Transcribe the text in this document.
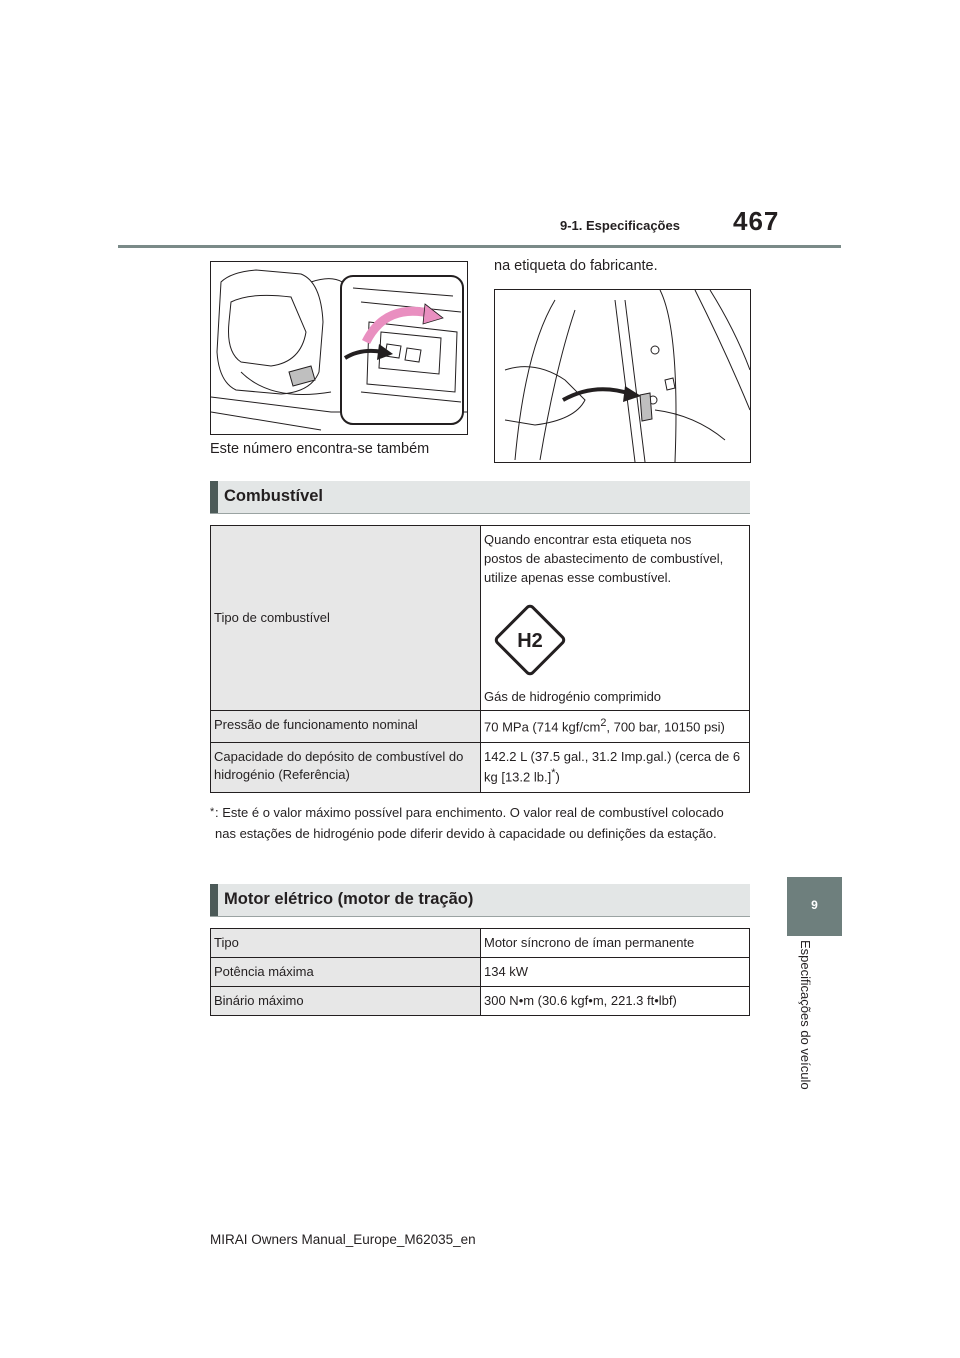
9-1. Especificações 467
9
Especificações do veículo
Este número encontra-se também
na etiqueta do fabricante.
Combustível
Tipo de combustível	Quando encontrar esta etiqueta nos
postos de abastecimento de combustível,
utilize apenas esse combustível.
H2
Gás de hidrogénio comprimido

Pressão de funcionamento nominal	70 MPa (714 kgf/$cm^2$, 700 bar, 10150 psi)
Capacidade do depósito de combustível do hidrogénio (Referência)	142.2 L (37.5 gal., 31.2 Imp.gal.) (cerca de 6 kg [13.2 lb.]*)
* : Este é o valor máximo possível para enchimento. O valor real de combustível colocado nas estações de hidrogénio pode diferir devido à capacidade ou definições da estação.
Motor elétrico (motor de tração)
Tipo	Motor síncrono de íman permanente
Potência máxima	134 kW
Binário máximo	300 N•m (30.6 kgf•m, 221.3 ft•lbf)
MIRAI Owners Manual_Europe_M62035_en
